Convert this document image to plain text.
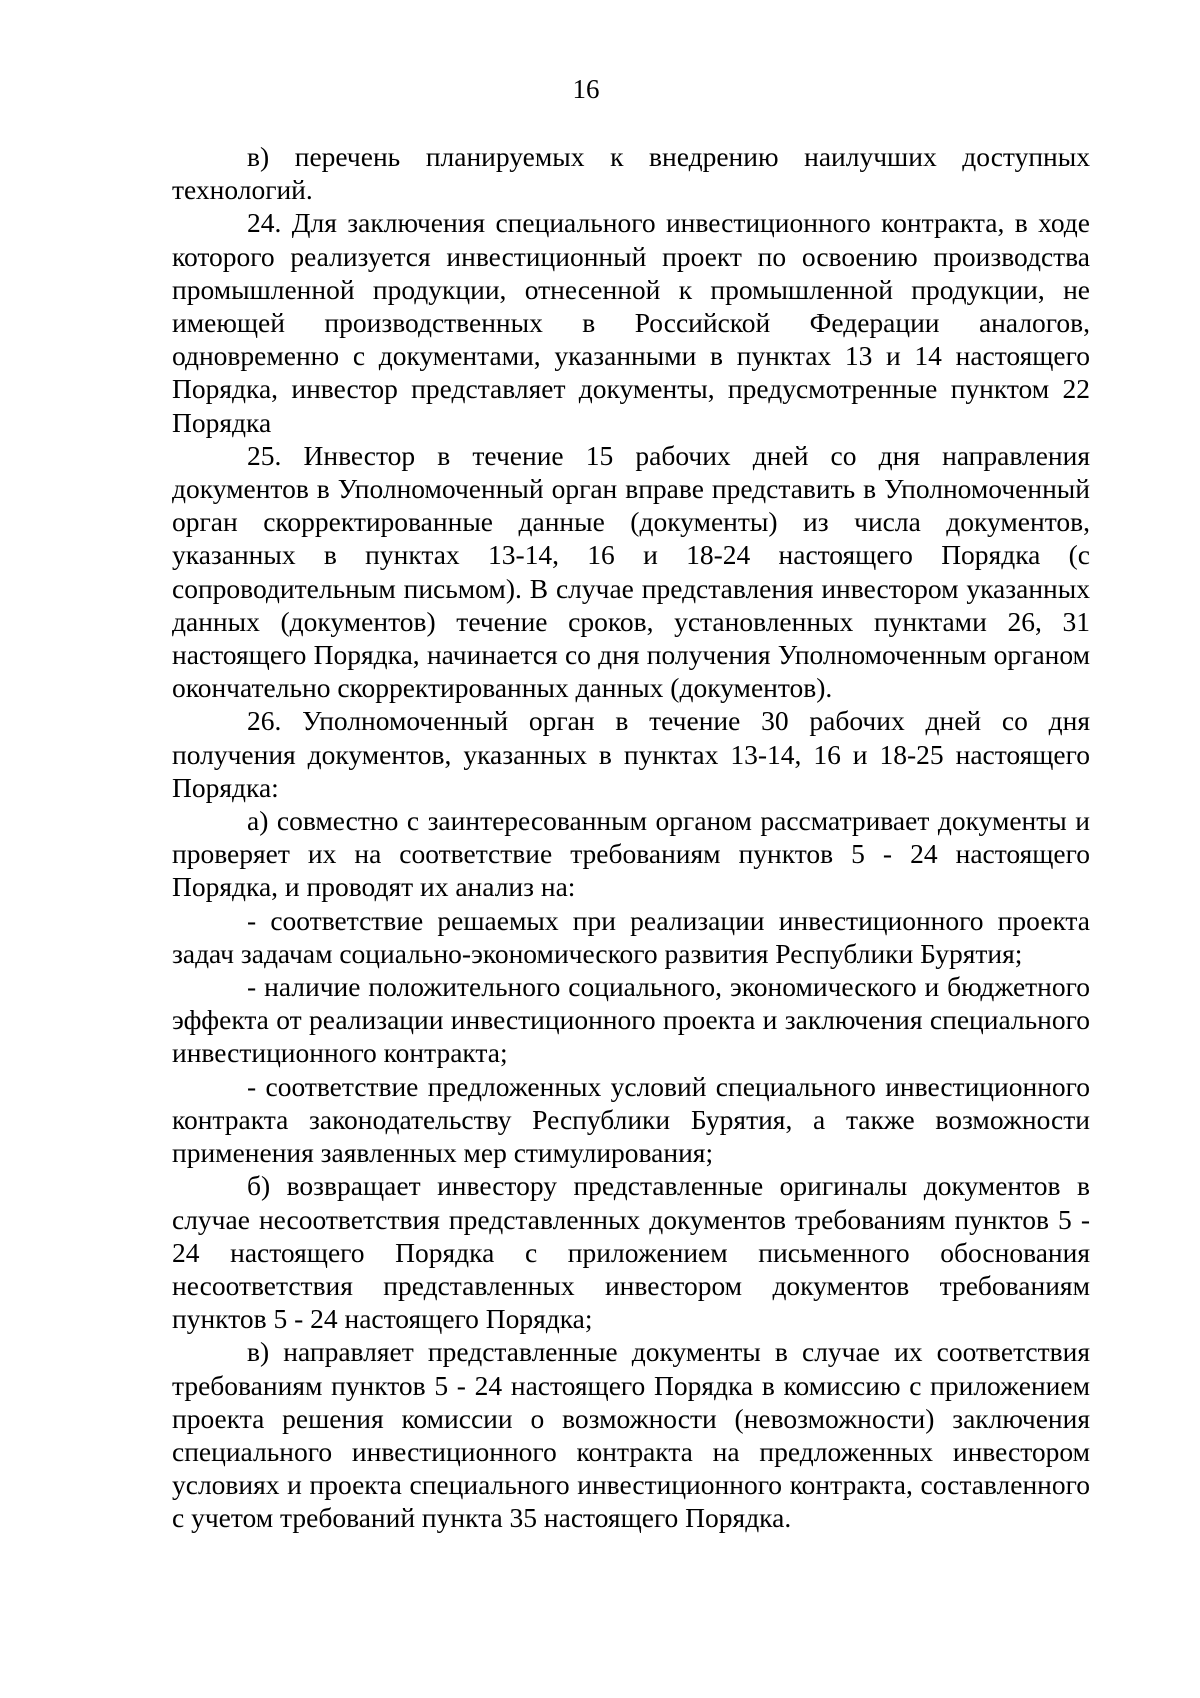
16

в) перечень планируемых к внедрению наилучших доступных технологий.

24. Для заключения специального инвестиционного контракта, в ходе которого реализуется инвестиционный проект по освоению производства промышленной продукции, отнесенной к промышленной продукции, не имеющей производственных в Российской Федерации аналогов, одновременно с документами, указанными в пунктах 13 и 14 настоящего Порядка, инвестор представляет документы, предусмотренные пунктом 22 Порядка

25. Инвестор в течение 15 рабочих дней со дня направления документов в Уполномоченный орган вправе представить в Уполномоченный орган скорректированные данные (документы) из числа документов, указанных в пунктах 13-14, 16 и 18-24 настоящего Порядка (с сопроводительным письмом). В случае представления инвестором указанных данных (документов) течение сроков, установленных пунктами 26, 31 настоящего Порядка, начинается со дня получения Уполномоченным органом окончательно скорректированных данных (документов).

26. Уполномоченный орган в течение 30 рабочих дней со дня получения документов, указанных в пунктах 13-14, 16 и 18-25 настоящего Порядка:

а) совместно с заинтересованным органом рассматривает документы и проверяет их на соответствие требованиям пунктов 5 - 24 настоящего Порядка, и проводят их анализ на:

- соответствие решаемых при реализации инвестиционного проекта задач задачам социально-экономического развития Республики Бурятия;

- наличие положительного социального, экономического и бюджетного эффекта от реализации инвестиционного проекта и заключения специального инвестиционного контракта;

- соответствие предложенных условий специального инвестиционного контракта законодательству Республики Бурятия, а также возможности применения заявленных мер стимулирования;

б) возвращает инвестору представленные оригиналы документов в случае несоответствия представленных документов требованиям пунктов 5 - 24 настоящего Порядка с приложением письменного обоснования несоответствия представленных инвестором документов требованиям пунктов 5 - 24 настоящего Порядка;

в) направляет представленные документы в случае их соответствия требованиям пунктов 5 - 24 настоящего Порядка в комиссию с приложением проекта решения комиссии о возможности (невозможности) заключения специального инвестиционного контракта на предложенных инвестором условиях и проекта специального инвестиционного контракта, составленного с учетом требований пункта 35 настоящего Порядка.
